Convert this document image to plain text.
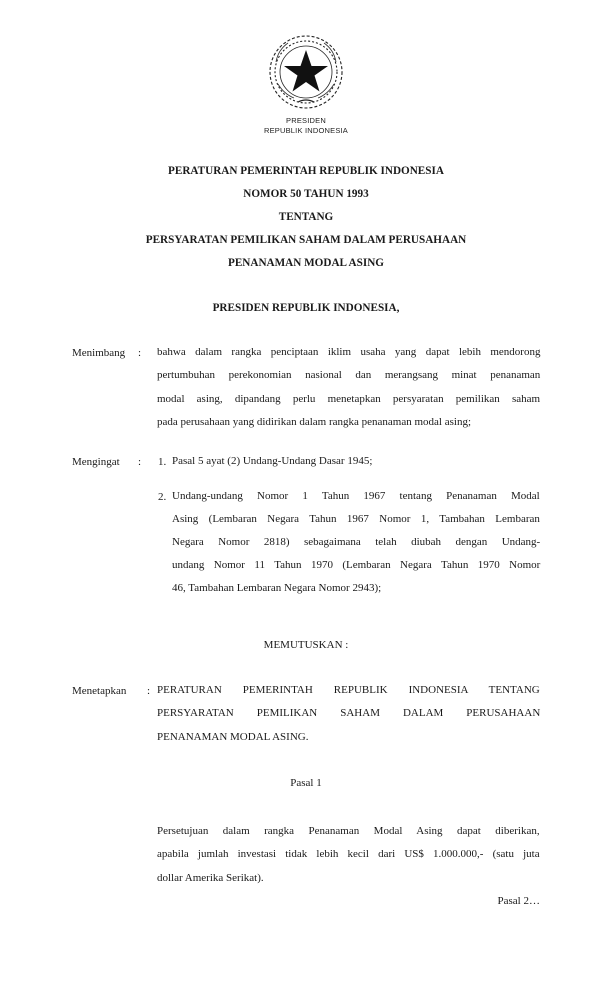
PRESIDEN
REPUBLIK INDONESIA
PERATURAN PEMERINTAH REPUBLIK INDONESIA
NOMOR 50 TAHUN 1993
TENTANG
PERSYARATAN PEMILIKAN SAHAM DALAM PERUSAHAAN
PENANAMAN MODAL ASING
PRESIDEN REPUBLIK INDONESIA,
Menimbang : bahwa dalam rangka penciptaan iklim usaha yang dapat lebih mendorong
pertumbuhan perekonomian nasional dan merangsang minat penanaman
modal asing, dipandang perlu menetapkan persyaratan pemilikan saham
pada perusahaan yang didirikan dalam rangka penanaman modal asing;
Mengingat : 1. Pasal 5 ayat (2) Undang-Undang Dasar 1945;
2. Undang-undang Nomor 1 Tahun 1967 tentang Penanaman Modal
Asing (Lembaran Negara Tahun 1967 Nomor 1, Tambahan Lembaran
Negara Nomor 2818) sebagaimana telah diubah dengan Undang-
undang Nomor 11 Tahun 1970 (Lembaran Negara Tahun 1970 Nomor
46, Tambahan Lembaran Negara Nomor 2943);
MEMUTUSKAN :
Menetapkan : PERATURAN PEMERINTAH REPUBLIK INDONESIA TENTANG
PERSYARATAN PEMILIKAN SAHAM DALAM PERUSAHAAN
PENANAMAN MODAL ASING.
Pasal 1
Persetujuan dalam rangka Penanaman Modal Asing dapat diberikan,
apabila jumlah investasi tidak lebih kecil dari US$ 1.000.000,- (satu juta
dollar Amerika Serikat).
Pasal 2…
